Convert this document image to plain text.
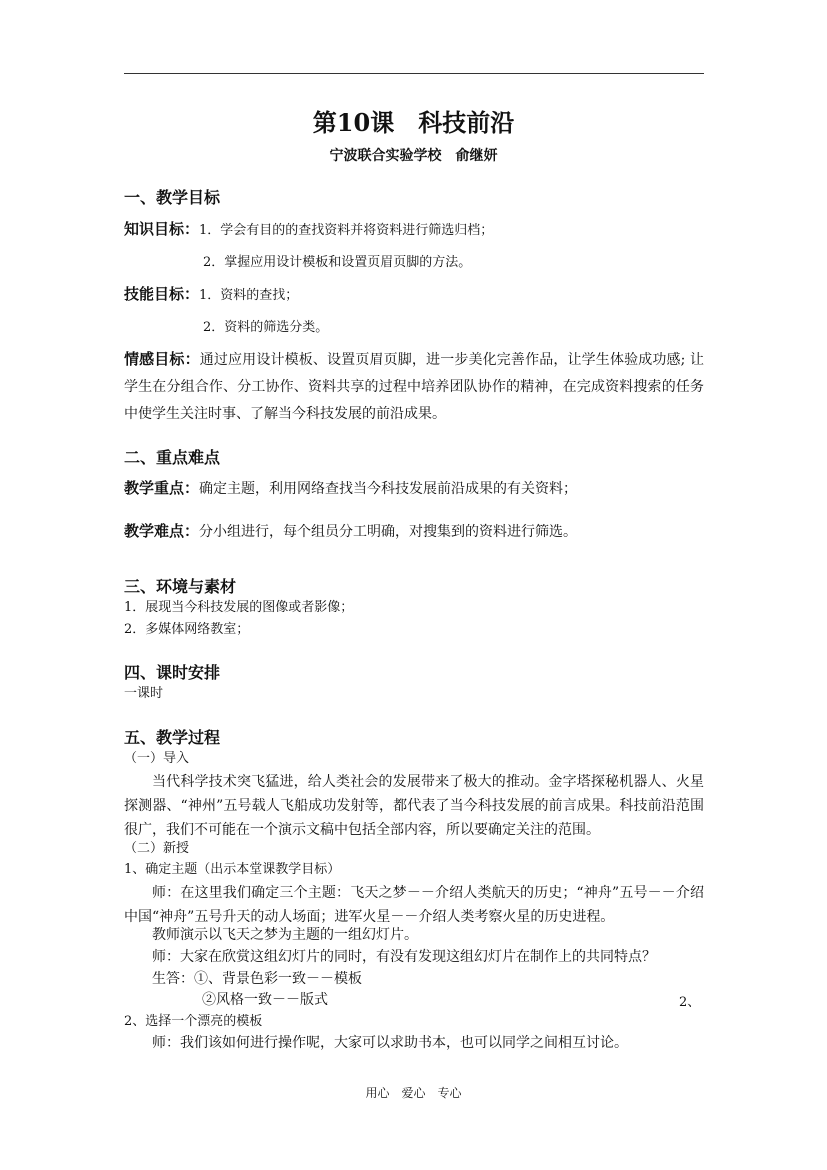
第10课　科技前沿
宁波联合实验学校　俞继妍
一、教学目标
知识目标：1．学会有目的的查找资料并将资料进行筛选归档；
2．掌握应用设计模板和设置页眉页脚的方法。
技能目标：1．资料的查找；
2．资料的筛选分类。
情感目标：通过应用设计模板、设置页眉页脚，进一步美化完善作品，让学生体验成功感; 让学生在分组合作、分工协作、资料共享的过程中培养团队协作的精神，在完成资料搜索的任务中使学生关注时事、了解当今科技发展的前沿成果。
二、重点难点
教学重点：确定主题，利用网络查找当今科技发展前沿成果的有关资料；
教学难点：分小组进行，每个组员分工明确，对搜集到的资料进行筛选。
三、环境与素材
1．展现当今科技发展的图像或者影像；
2．多媒体网络教室；
四、课时安排
一课时
五、教学过程
（一）导入
当代科学技术突飞猛进，给人类社会的发展带来了极大的推动。金字塔探秘机器人、火星探测器、“神州”五号载人飞船成功发射等，都代表了当今科技发展的前言成果。科技前沿范围很广，我们不可能在一个演示文稿中包括全部内容，所以要确定关注的范围。
（二）新授
1、确定主题（出示本堂课教学目标）
师：在这里我们确定三个主题：飞天之梦－－介绍人类航天的历史；“神舟”五号－－介绍中国“神舟”五号升天的动人场面；进军火星－－介绍人类考察火星的历史进程。
教师演示以飞天之梦为主题的一组幻灯片。
师：大家在欣赏这组幻灯片的同时，有没有发现这组幻灯片在制作上的共同特点？
生答：①、背景色彩一致－－模板
②风格一致－－版式	2、
2、选择一个漂亮的模板
师：我们该如何进行操作呢，大家可以求助书本，也可以同学之间相互讨论。
用心　爱心　专心
